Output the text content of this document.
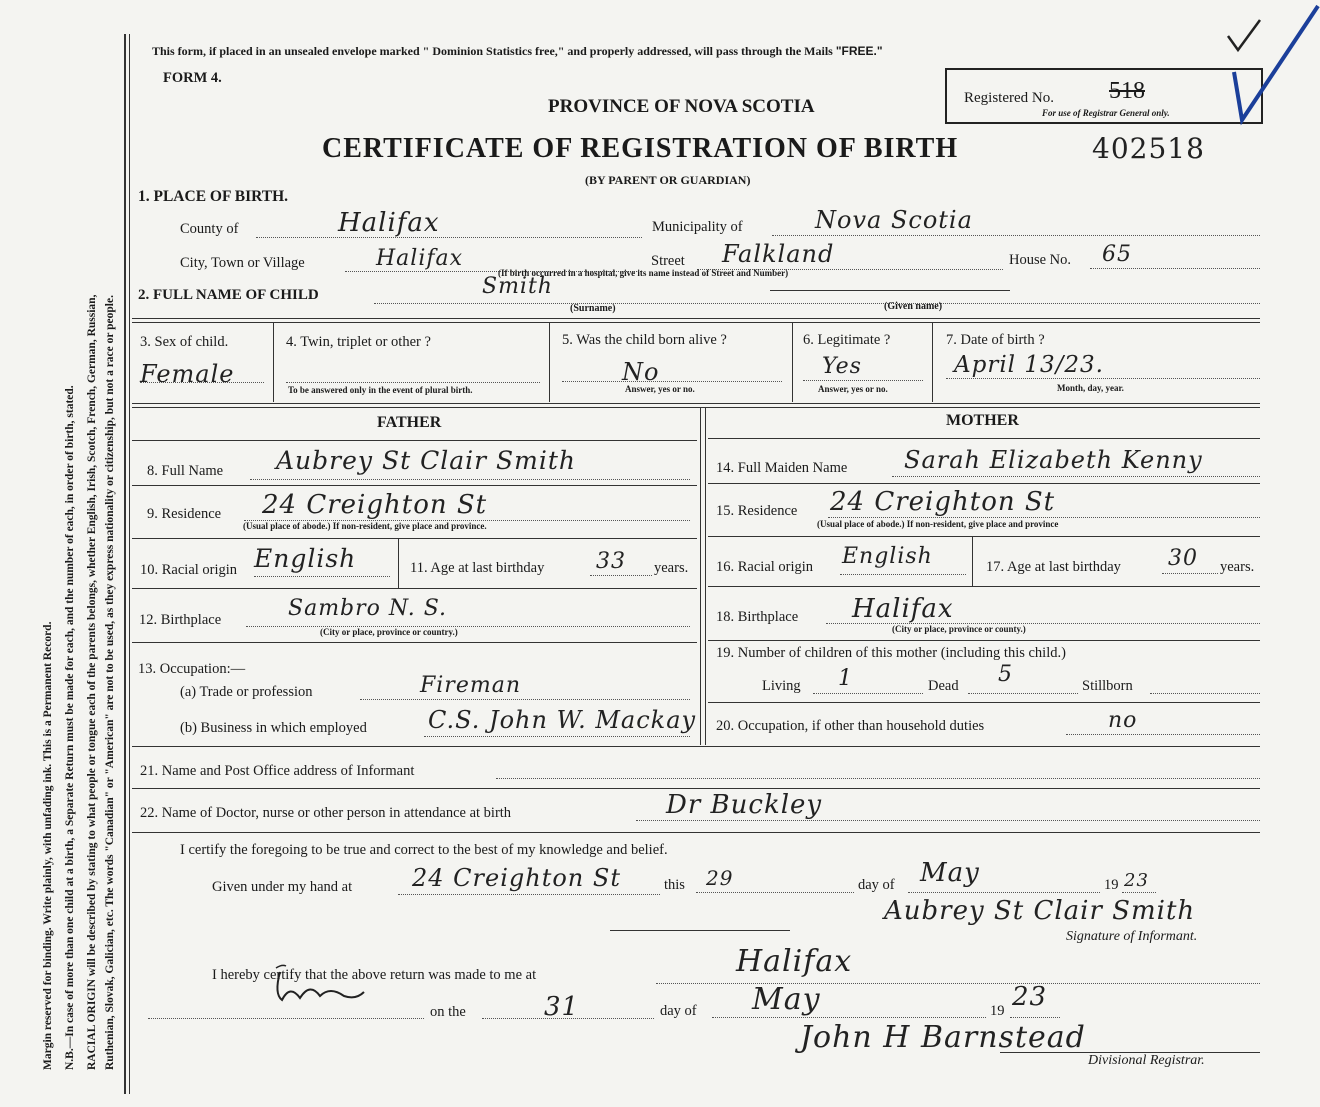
Margin reserved for binding. Write plainly, with unfading ink. This is a Permanent Record. N.B.—In case of more than one child at a birth, a Separate Return must be made for each, and the number of each, in order of birth, stated. RACIAL ORIGIN will be described by stating to what people or tongue each of the parents belongs, whether English, Irish, Scotch, French, German, Russian, Ruthenian, Slovak, Galician, etc. The words "Canadian" or "American" are not to be used, as they express nationality or citizenship, but not a race or people.
This form, if placed in an unsealed envelope marked " Dominion Statistics free," and properly addressed, will pass through the Mails "FREE."
FORM 4.
PROVINCE OF NOVA SCOTIA	Registered No. 518
For use of Registrar General only.
CERTIFICATE OF REGISTRATION OF BIRTH	402518
(BY PARENT OR GUARDIAN)
1. PLACE OF BIRTH.
County of	Halifax	Municipality of	Nova Scotia
City, Town or Village	Halifax	Street Falkland	House No. 65
(If birth occurred in a hospital, give its name instead of Street and Number)
2. FULL NAME OF CHILD	Smith
(Surname)	(Given name)
3. Sex of child.
Female
4. Twin, triplet or other ?
To be answered only in the event of plural birth.
5. Was the child born alive ?
No
Answer, yes or no.
6. Legitimate ?
Yes
Answer, yes or no.
7. Date of birth ?
April 13/23.
Month, day, year.
FATHER	MOTHER
8. Full Name Aubrey St Clair Smith
9. Residence 24 Creighton St
(Usual place of abode.) If non-resident, give place and province.
10. Racial origin English	11. Age at last birthday 33 years.
12. Birthplace	Sambro N. S.
(City or place, province or country.)
13. Occupation:—
(a) Trade or profession	Fireman
(b) Business in which employed	C.S. John W. Mackay
14. Full Maiden Name Sarah Elizabeth Kenny
15. Residence 24 Creighton St
(Usual place of abode.) If non-resident, give place and province
16. Racial origin English	17. Age at last birthday 30 years.
18. Birthplace Halifax
(City or place, province or county.)
19. Number of children of this mother (including this child.)
Living 1	Dead 5	Stillborn
20. Occupation, if other than household duties	no
21. Name and Post Office address of Informant
22. Name of Doctor, nurse or other person in attendance at birth	Dr Buckley
I certify the foregoing to be true and correct to the best of my knowledge and belief.
Given under my hand at 24 Creighton St	this 29	day of May	19 23
Aubrey St Clair Smith
Signature of Informant.
I hereby certify that the above return was made to me at	Halifax
on the	31	day of May	19 23
John H Barnstead
Divisional Registrar.
